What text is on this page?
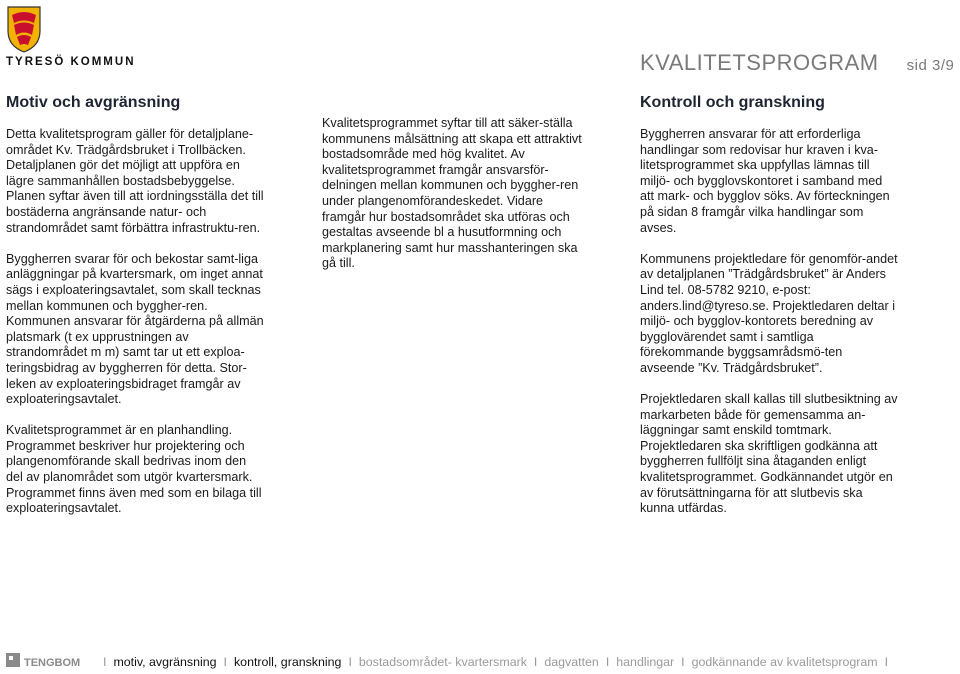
TYRESÖ KOMMUN	KVALITETSPROGRAM sid 3/9
Motiv och avgränsning

Detta kvalitetsprogram gäller för detaljplane-området Kv. Trädgårdsbruket i Trollbäcken. Detaljplanen gör det möjligt att uppföra en lägre sammanhållen bostadsbebyggelse. Planen syftar även till att iordningsställa det till bostäderna angränsande natur- och strandområdet samt förbättra infrastruktu-ren.

Byggherren svarar för och bekostar samt-liga anläggningar på kvartersmark, om inget annat sägs i exploateringsavtalet, som skall tecknas mellan kommunen och byggher-ren. Kommunen ansvarar för åtgärderna på allmän platsmark (t ex upprustningen av strandområdet m m) samt tar ut ett exploa-teringsbidrag av byggherren för detta. Stor-leken av exploateringsbidraget framgår av exploateringsavtalet.

Kvalitetsprogrammet är en planhandling. Programmet beskriver hur projektering och plangenomförande skall bedrivas inom den del av planområdet som utgör kvartersmark. Programmet finns även med som en bilaga till exploateringsavtalet.

Kvalitetsprogrammet syftar till att säker-ställa kommunens målsättning att skapa ett attraktivt bostadsområde med hög kvalitet. Av kvalitetsprogrammet framgår ansvarsför-delningen mellan kommunen och byggher-ren under plangenomförandeskedet. Vidare framgår hur bostadsområdet ska utföras och gestaltas avseende bl a husutformning och markplanering samt hur masshanteringen ska gå till.

Kontroll och granskning

Byggherren ansvarar för att erforderliga handlingar som redovisar hur kraven i kva-litetsprogrammet ska uppfyllas lämnas till miljö- och bygglovskontoret i samband med att mark- och bygglov söks. Av förteckningen på sidan 8 framgår vilka handlingar som avses.

Kommunens projektledare för genomför-andet av detaljplanen ”Trädgårdsbruket” är Anders Lind tel. 08-5782 9210, e-post: anders.lind@tyreso.se. Projektledaren deltar i miljö- och bygglov-kontorets beredning av bygglovärendet samt i samtliga förekommande byggsamrådsmö-ten avseende ”Kv. Trädgårdsbruket”.

Projektledaren skall kallas till slutbesiktning av markarbeten både för gemensamma an-läggningar samt enskild tomtmark. Projektledaren ska skriftligen godkänna att byggherren fullföljt sina åtaganden enligt kvalitetsprogrammet. Godkännandet utgör en av förutsättningarna för att slutbevis ska kunna utfärdas.

TENGBOM	I motiv, avgränsning I kontroll, granskning I bostadsområdet- kvartersmark I dagvatten I handlingar I godkännande av kvalitetsprogram I
